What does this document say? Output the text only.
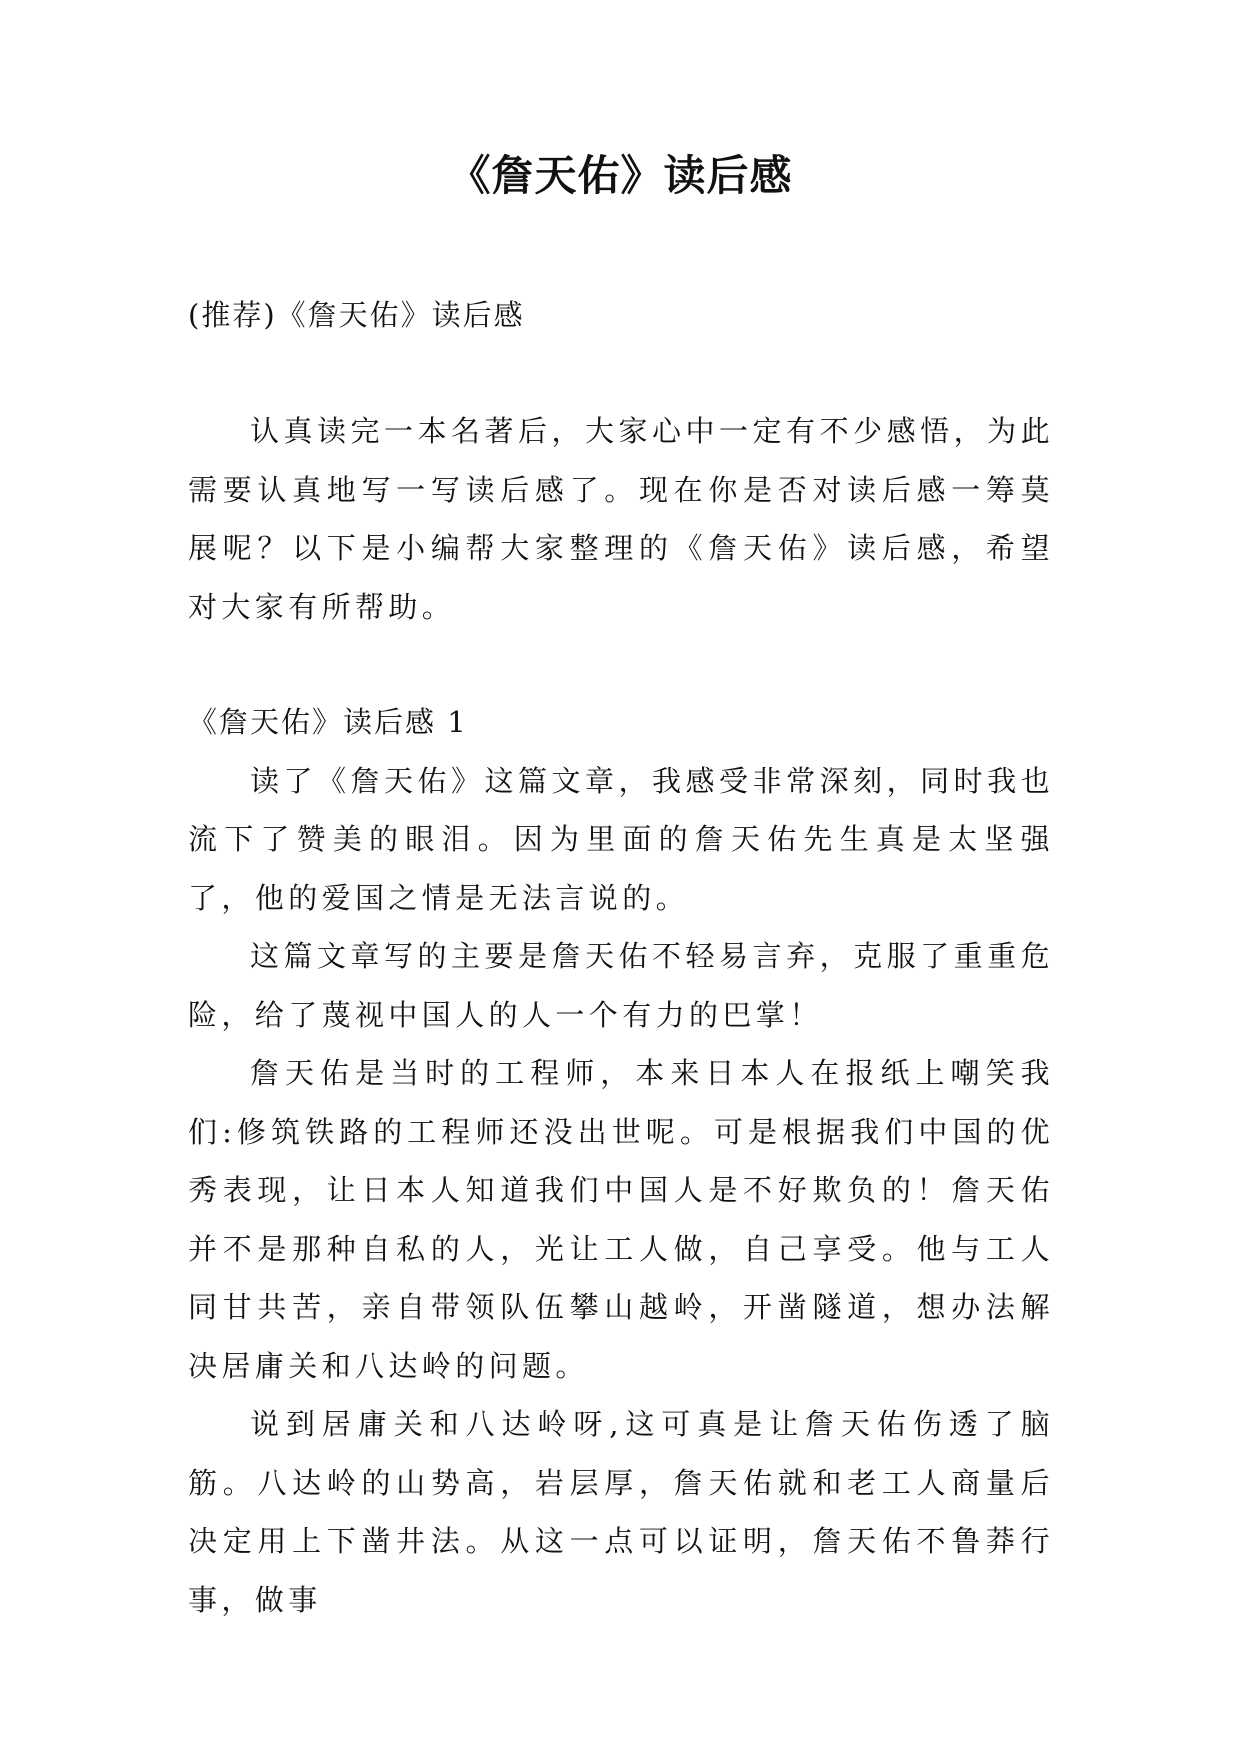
《詹天佑》读后感

(推荐)《詹天佑》读后感

认真读完一本名著后，大家心中一定有不少感悟，为此需要认真地写一写读后感了。现在你是否对读后感一筹莫展呢？以下是小编帮大家整理的《詹天佑》读后感，希望对大家有所帮助。

《詹天佑》读后感 1

读了《詹天佑》这篇文章，我感受非常深刻，同时我也流下了赞美的眼泪。因为里面的詹天佑先生真是太坚强了，他的爱国之情是无法言说的。

这篇文章写的主要是詹天佑不轻易言弃，克服了重重危险，给了蔑视中国人的人一个有力的巴掌！

詹天佑是当时的工程师，本来日本人在报纸上嘲笑我们:修筑铁路的工程师还没出世呢。可是根据我们中国的优秀表现，让日本人知道我们中国人是不好欺负的！詹天佑并不是那种自私的人，光让工人做，自己享受。他与工人同甘共苦，亲自带领队伍攀山越岭，开凿隧道，想办法解决居庸关和八达岭的问题。

说到居庸关和八达岭呀,这可真是让詹天佑伤透了脑筋。八达岭的山势高，岩层厚，詹天佑就和老工人商量后决定用上下凿井法。从这一点可以证明，詹天佑不鲁莽行事，做事
